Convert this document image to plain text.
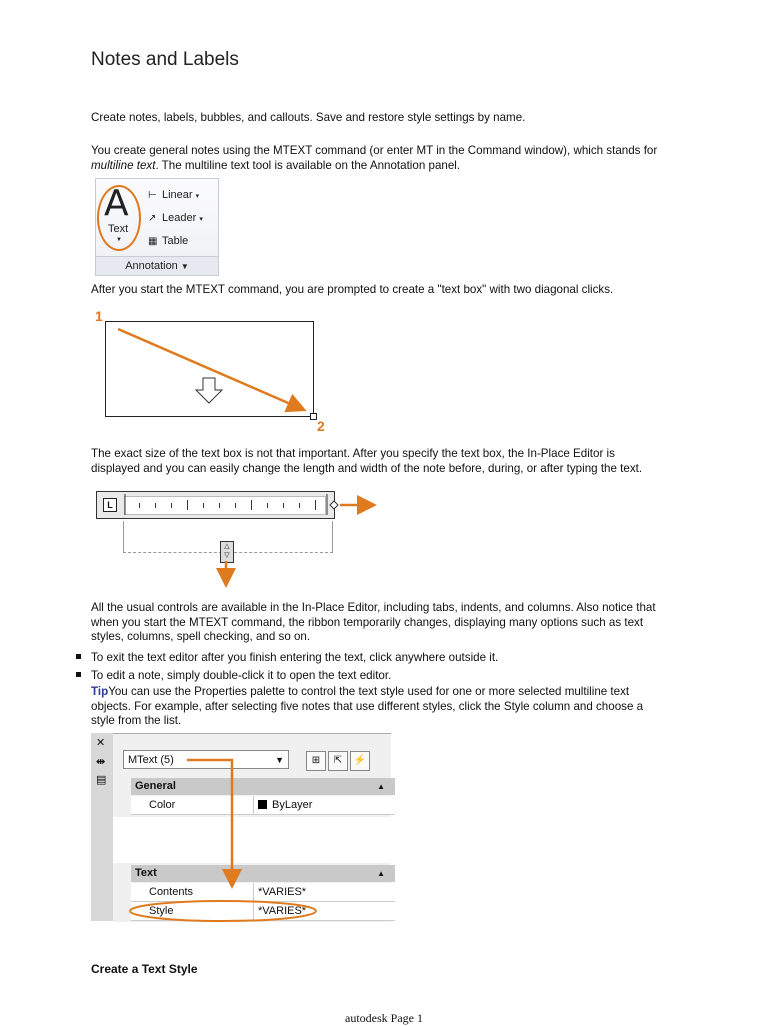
Notes and Labels
Create notes, labels, bubbles, and callouts. Save and restore style settings by name.
You create general notes using the MTEXT command (or enter MT in the Command window), which stands for
multiline text. The multiline text tool is available on the Annotation panel.
A
Text
▼
⊢ Linear ▾
↗ Leader ▾
▦ Table
Annotation ▼
After you start the MTEXT command, you are prompted to create a "text box" with two diagonal clicks.
1
2
The exact size of the text box is not that important. After you specify the text box, the In-Place Editor is
displayed and you can easily change the length and width of the note before, during, or after typing the text.
L
△
▽
All the usual controls are available in the In-Place Editor, including tabs, indents, and columns. Also notice that
when you start the MTEXT command, the ribbon temporarily changes, displaying many options such as text
styles, columns, spell checking, and so on.
To exit the text editor after you finish entering the text, click anywhere outside it.
To edit a note, simply double-click it to open the text editor.
TipYou can use the Properties palette to control the text style used for one or more selected multiline text
objects. For example, after selecting five notes that use different styles, click the Style column and choose a
style from the list.
✕
⇹
▤
MText (5)	▼	⊞	⇱	⚡
General	▲
Color	ByLayer
Text	▲
Contents	*VARIES*
Style	*VARIES*
Create a Text Style
autodesk Page 1
